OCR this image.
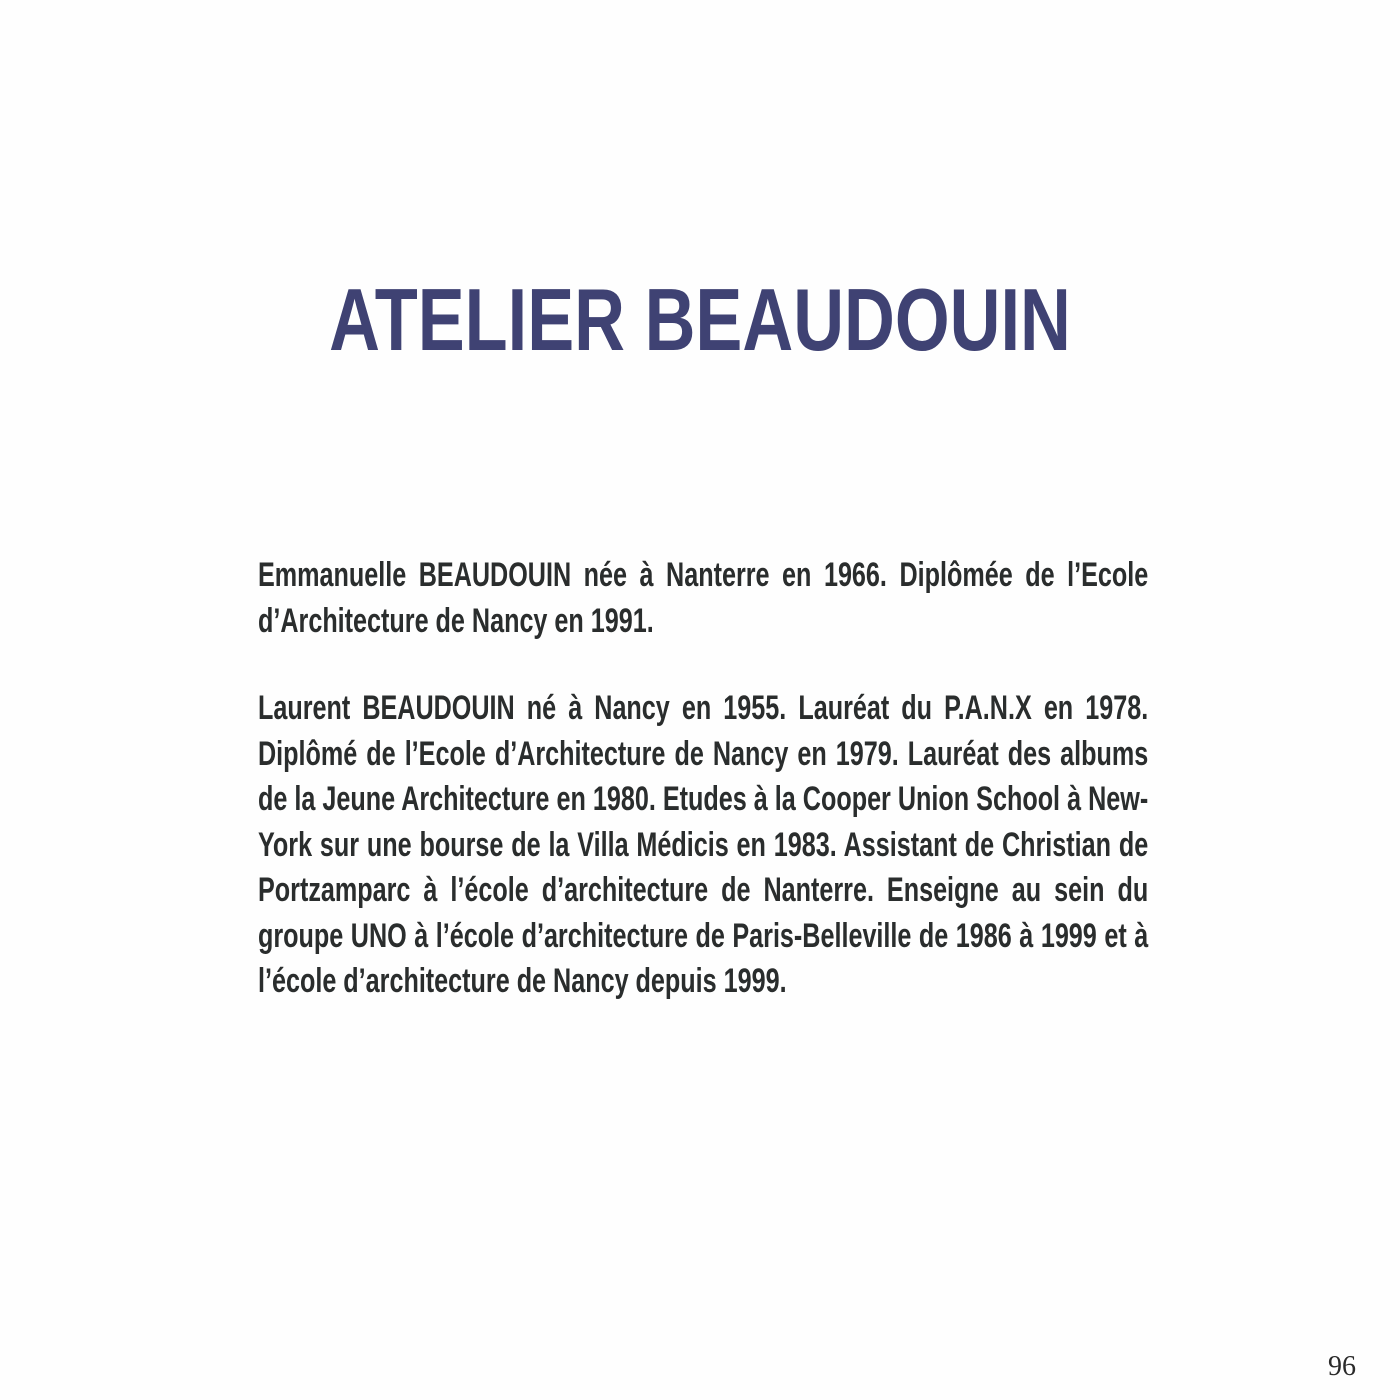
ATELIER BEAUDOUIN

Emmanuelle BEAUDOUIN née à Nanterre en 1966. Diplômée de l’Ecole d’Architecture de Nancy en 1991.

Laurent BEAUDOUIN né à Nancy en 1955. Lauréat du P.A.N.X en 1978. Diplômé de l’Ecole d’Architecture de Nancy en 1979. Lauréat des albums de la Jeune Architecture en 1980. Etudes à la Cooper Union School à New-York sur une bourse de la Villa Médicis en 1983. Assistant de Christian de Portzamparc à l’école d’architecture de Nanterre. Enseigne au sein du groupe UNO à l’école d’architecture de Paris-Belleville de 1986 à 1999 et à l’école d’architecture de Nancy depuis 1999.

96
